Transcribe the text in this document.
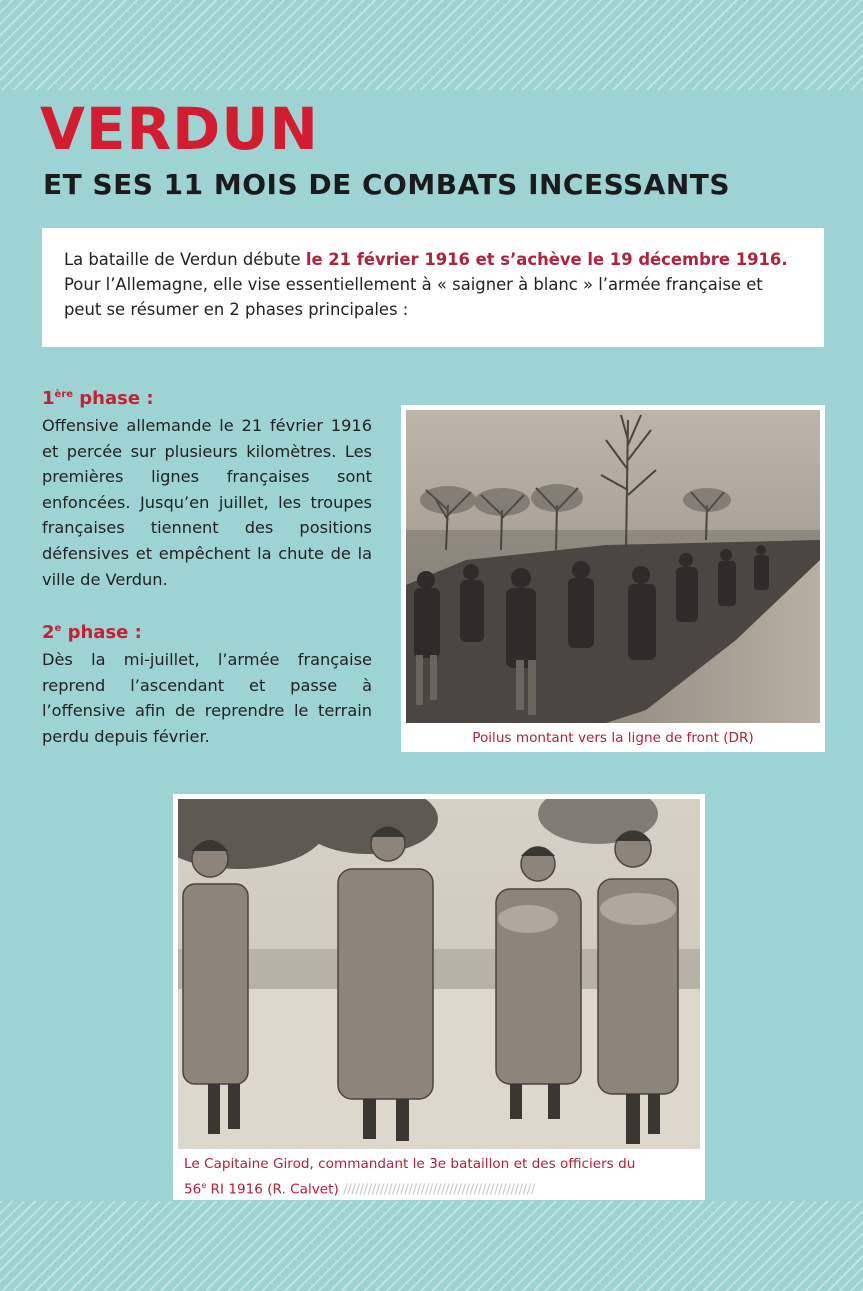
VERDUN
ET SES 11 MOIS DE COMBATS INCESSANTS
La bataille de Verdun débute le 21 février 1916 et s’achève le 19 décembre 1916. Pour l’Allemagne, elle vise essentiellement à « saigner à blanc » l’armée française et peut se résumer en 2 phases principales :
1ère phase :

Offensive allemande le 21 février 1916 et percée sur plusieurs kilomètres. Les premières lignes françaises sont enfoncées. Jusqu’en juillet, les troupes françaises tiennent des positions défensives et empêchent la chute de la ville de Verdun.

2e phase :

Dès la mi-juillet, l’armée française reprend l’ascendant et passe à l’offensive afin de reprendre le terrain perdu depuis février.	Poilus montant vers la ligne de front (DR)
Le Capitaine Girod, commandant le 3e bataillon et des officiers du
56e RI 1916 (R. Calvet) ///////////////////////////////////////////////
